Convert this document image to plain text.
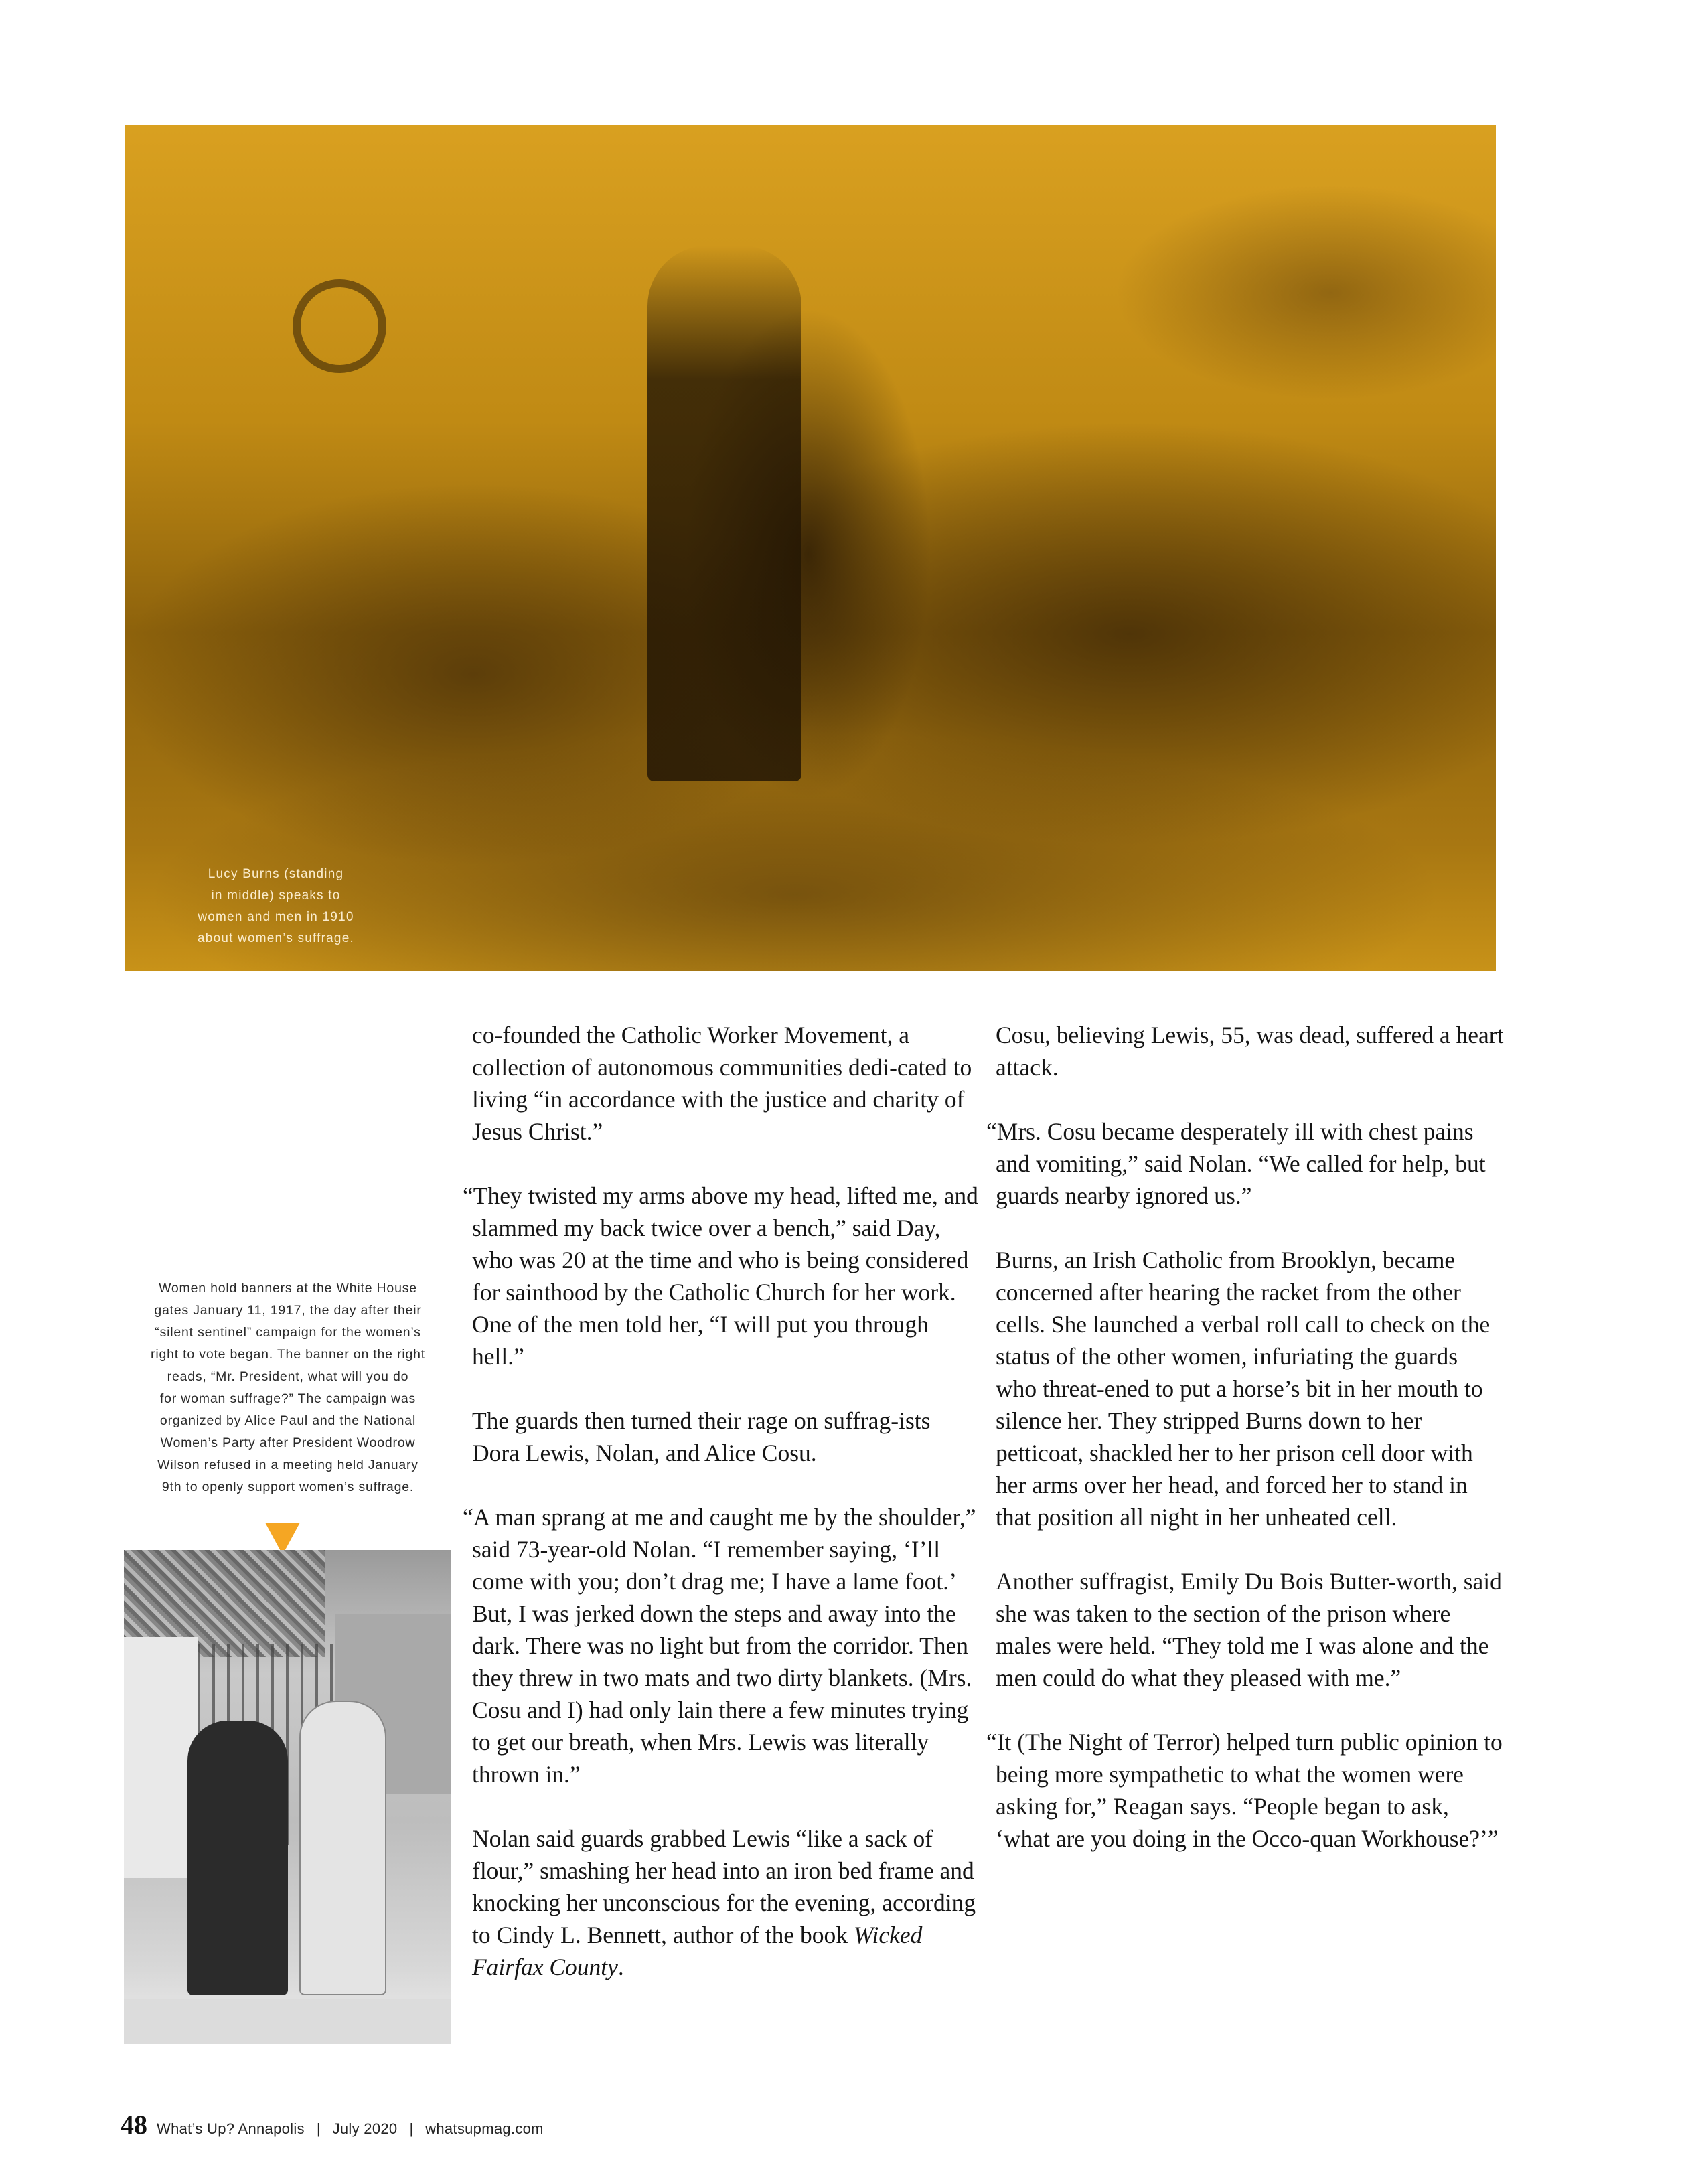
Lucy Burns (standing
in middle) speaks to
women and men in 1910
about women’s suffrage.
Women hold banners at the White House
gates January 11, 1917, the day after their
“silent sentinel” campaign for the women’s
right to vote began. The banner on the right
reads, “Mr. President, what will you do
for woman suffrage?” The campaign was
organized by Alice Paul and the National
Women’s Party after President Woodrow
Wilson refused in a meeting held January
9th to openly support women’s suffrage.

co-founded the Catholic Worker Movement, a collection of autonomous communities dedi-cated to living “in accordance with the justice and charity of Jesus Christ.”

“They twisted my arms above my head, lifted me, and slammed my back twice over a bench,” said Day, who was 20 at the time and who is being considered for sainthood by the Catholic Church for her work. One of the men told her, “I will put you through hell.”

The guards then turned their rage on suffrag-ists Dora Lewis, Nolan, and Alice Cosu.

“A man sprang at me and caught me by the shoulder,” said 73-year-old Nolan. “I remember saying, ‘I’ll come with you; don’t drag me; I have a lame foot.’ But, I was jerked down the steps and away into the dark. There was no light but from the corridor. Then they threw in two mats and two dirty blankets. (Mrs. Cosu and I) had only lain there a few minutes trying to get our breath, when Mrs. Lewis was literally thrown in.”

Nolan said guards grabbed Lewis “like a sack of flour,” smashing her head into an iron bed frame and knocking her unconscious for the evening, according to Cindy L. Bennett, author of the book Wicked Fairfax County.

Cosu, believing Lewis, 55, was dead, suffered a heart attack.

“Mrs. Cosu became desperately ill with chest pains and vomiting,” said Nolan. “We called for help, but guards nearby ignored us.”

Burns, an Irish Catholic from Brooklyn, became concerned after hearing the racket from the other cells. She launched a verbal roll call to check on the status of the other women, infuriating the guards who threat-ened to put a horse’s bit in her mouth to silence her. They stripped Burns down to her petticoat, shackled her to her prison cell door with her arms over her head, and forced her to stand in that position all night in her unheated cell.

Another suffragist, Emily Du Bois Butter-worth, said she was taken to the section of the prison where males were held. “They told me I was alone and the men could do what they pleased with me.”

“It (The Night of Terror) helped turn public opinion to being more sympathetic to what the women were asking for,” Reagan says. “People began to ask, ‘what are you doing in the Occo-quan Workhouse?’”

48 What’s Up? Annapolis | July 2020 | whatsupmag.com
